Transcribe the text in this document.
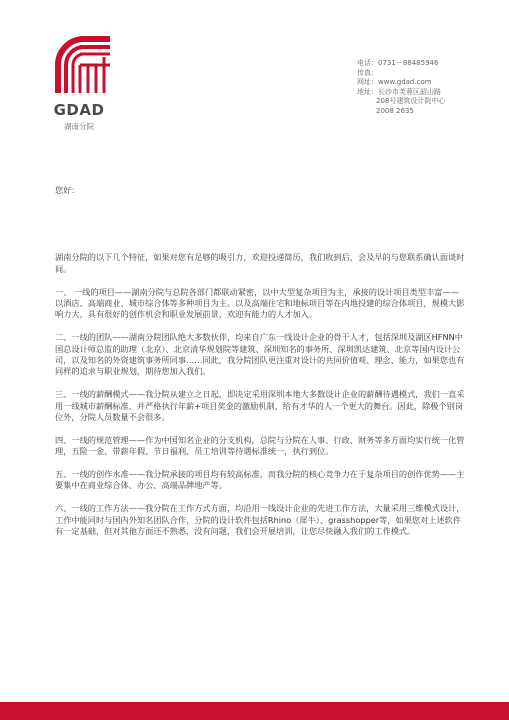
GDAD
湖南分院
电话：0731－88485946
传真：
网址：www.gdad.com
地址：长沙市芙蓉区韶山路
208号建筑设计院中心
2008 2635

您好：

湖南分院的以下几个特征，如果对您有足够的吸引力，欢迎投递简历，我们收到后，会及早的与您联系确认面谈时间。

一、 一线的项目——湖南分院与总院各部门都联动紧密，以中大型复杂项目为主，承接的设计项目类型丰富——以酒店、高端商业、城市综合体等多种项目为主。以及高端住宅和地标项目等在内地投建的综合体项目，规模大影响力大，具有很好的创作机会和职业发展前景，欢迎有能力的人才加入。

二、一线的团队——湖南分院团队绝大多数伙伴，均来自广东一线设计企业的骨干人才，包括深圳及湖区HFNN中国总设计师总监的助理（北京）、北京清华规划院等建筑、深圳知名的事务所、深圳凯达建筑、北京等国内设计公司，以及知名的外资建筑事务所同事……同此，我分院团队更注重对设计的共同价值观、理念、能力，如果您也有同样的追求与职业规划，期待您加入我们。

三、一线的薪酬模式——我分院从建立之日起，即决定采用深圳本地大多数设计企业的薪酬待遇模式，我们一直采用一线城市薪酬标准，并严格执行年薪+项目奖金的激励机制，给有才华的人一个更大的舞台。因此，除极个别岗位外，分院人员数量不会很多。

四、一线的规范管理——作为中国知名企业的分支机构，总院与分院在人事、行政、财务等多方面均实行统一化管理，五险一金、带薪年假、节日福利、员工培训等待遇标准统一，执行到位。

五、一线的创作水准——我分院承接的项目均有较高标准，而我分院的核心竞争力在于复杂项目的创作优势——主要集中在商业综合体、办公、高端品牌地产等。

六、一线的工作方法——我分院在工作方式方面，均沿用一线设计企业的先进工作方法，大量采用三维模式设计，工作中能同时与国内外知名团队合作，分院的设计软件包括Rhino（犀牛）、grasshopper等，如果您对上述软件有一定基础，但对其他方面还不熟悉，没有问题，我们会开展培训，让您尽快融入我们的工作模式。
